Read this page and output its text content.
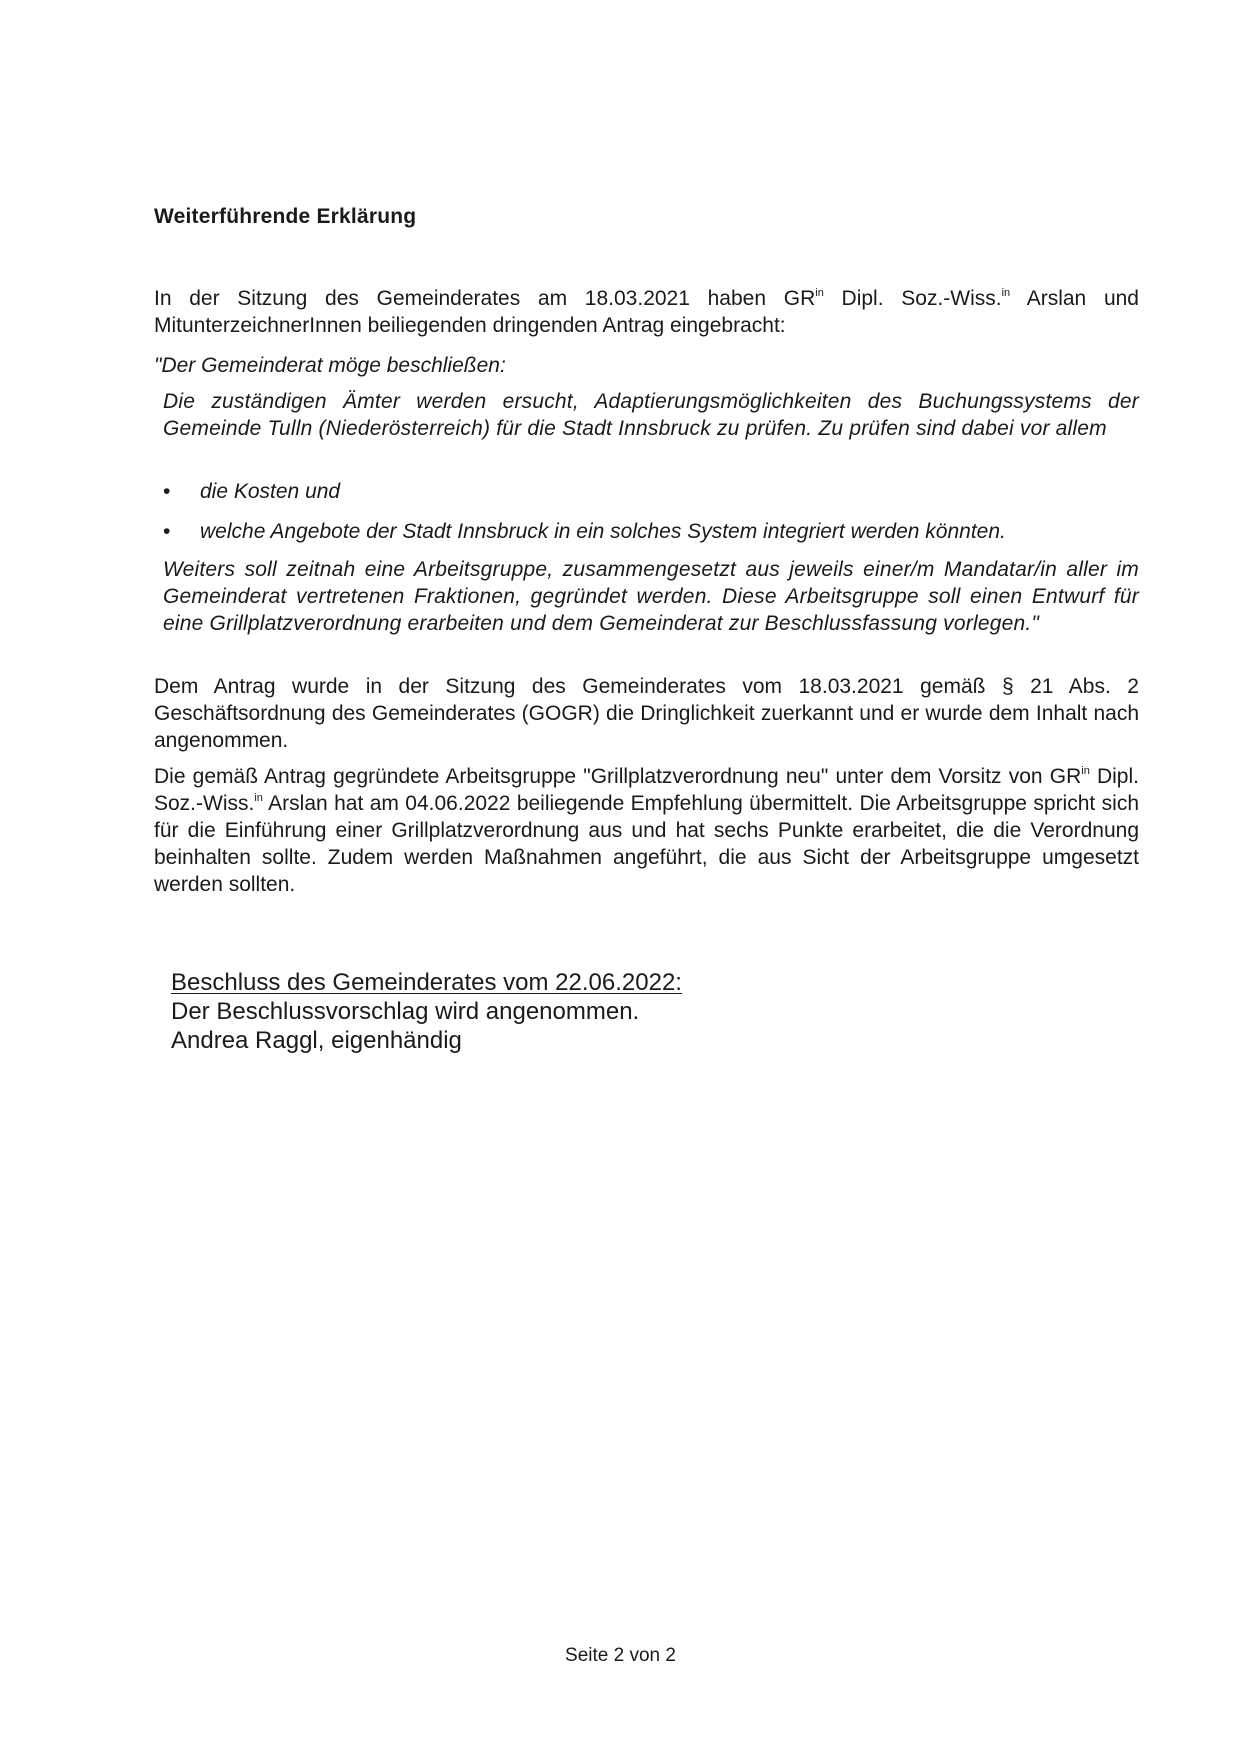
Weiterführende Erklärung
In der Sitzung des Gemeinderates am 18.03.2021 haben $GR^{in}$ Dipl. Soz.-Wiss.$^{in}$ Arslan und MitunterzeichnerInnen beiliegenden dringenden Antrag eingebracht:
"Der Gemeinderat möge beschließen:
Die zuständigen Ämter werden ersucht, Adaptierungsmöglichkeiten des Buchungssystems der Gemeinde Tulln (Niederösterreich) für die Stadt Innsbruck zu prüfen. Zu prüfen sind dabei vor allem
• die Kosten und
• welche Angebote der Stadt Innsbruck in ein solches System integriert werden könnten.
Weiters soll zeitnah eine Arbeitsgruppe, zusammengesetzt aus jeweils einer/m Mandatar/in aller im Gemeinderat vertretenen Fraktionen, gegründet werden. Diese Arbeitsgruppe soll einen Entwurf für eine Grillplatzverordnung erarbeiten und dem Gemeinderat zur Beschlussfassung vorlegen."
Dem Antrag wurde in der Sitzung des Gemeinderates vom 18.03.2021 gemäß § 21 Abs. 2 Geschäftsordnung des Gemeinderates (GOGR) die Dringlichkeit zuerkannt und er wurde dem Inhalt nach angenommen.
Die gemäß Antrag gegründete Arbeitsgruppe "Grillplatzverordnung neu" unter dem Vorsitz von $GR^{in}$ Dipl. Soz.-Wiss.$^{in}$ Arslan hat am 04.06.2022 beiliegende Empfehlung übermittelt. Die Arbeitsgruppe spricht sich für die Einführung einer Grillplatzverordnung aus und hat sechs Punkte erarbeitet, die die Verordnung beinhalten sollte. Zudem werden Maßnahmen angeführt, die aus Sicht der Arbeitsgruppe umgesetzt werden sollten.
Beschluss des Gemeinderates vom 22.06.2022:
Der Beschlussvorschlag wird angenommen.
Andrea Raggl, eigenhändig
Seite 2 von 2
